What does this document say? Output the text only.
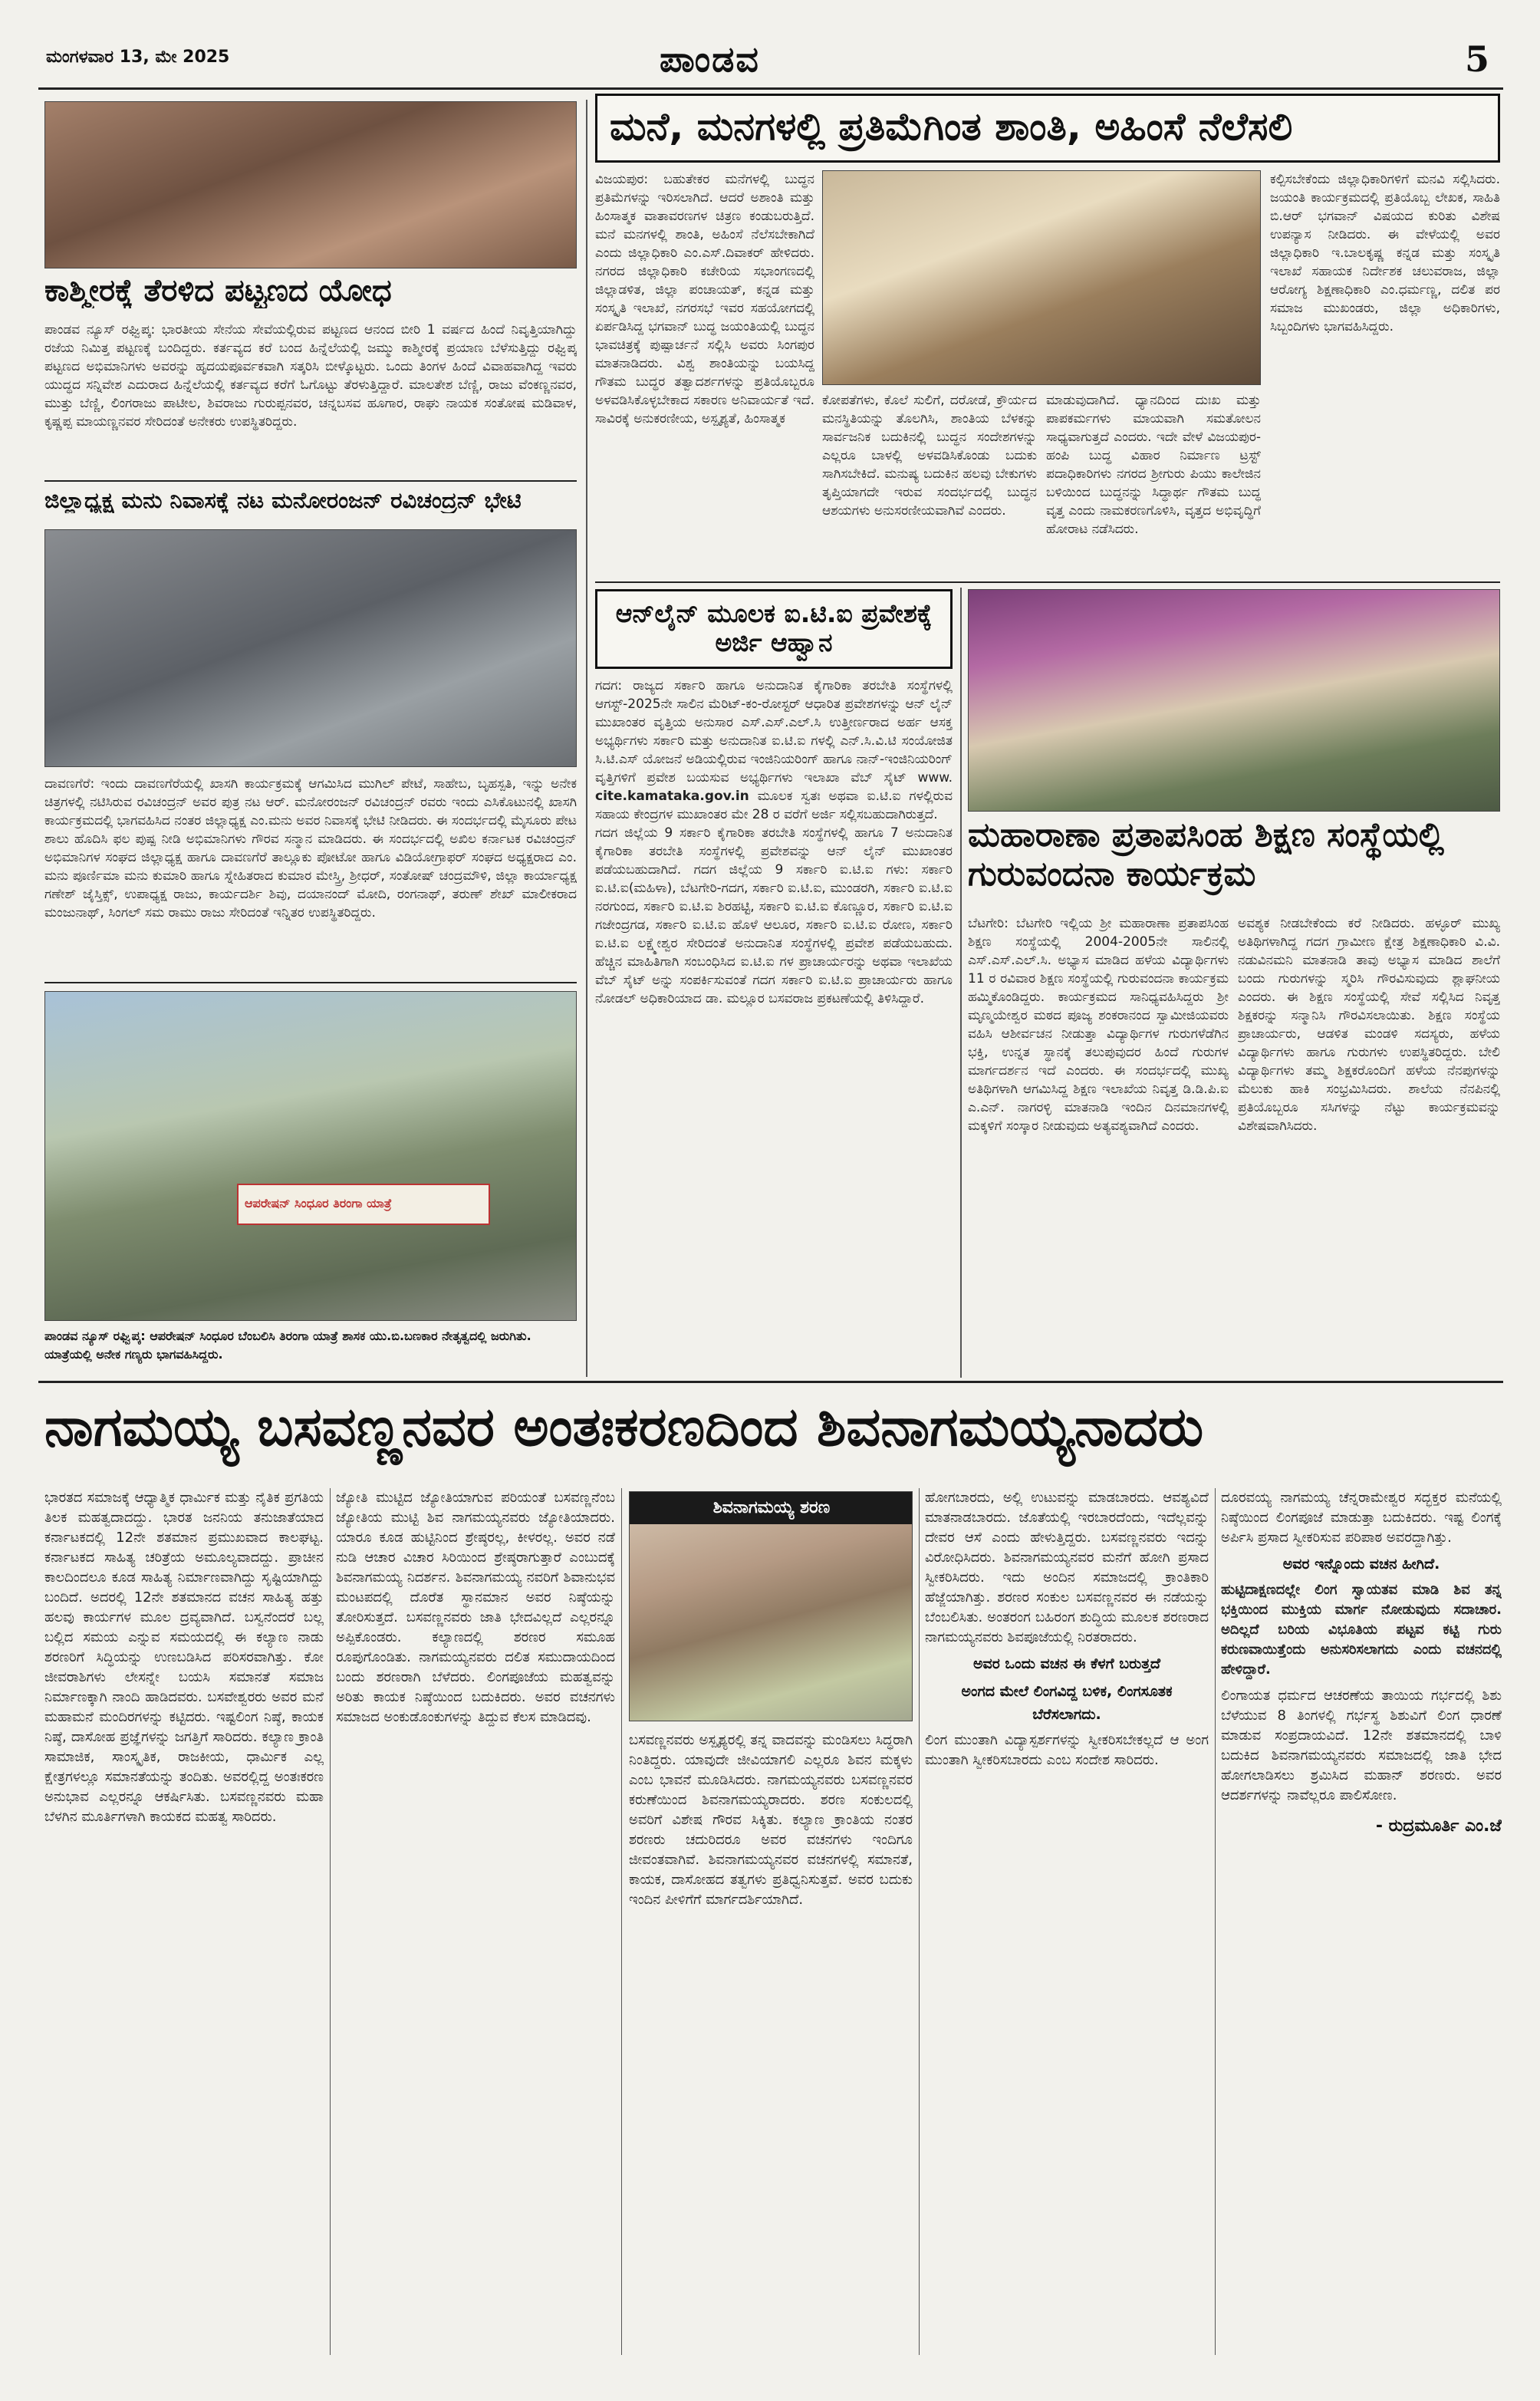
ಮಂಗಳವಾರ 13, ಮೇ 2025	ಪಾಂಡವ	5
ಕಾಶ್ಮೀರಕ್ಕೆ ತೆರಳಿದ ಪಟ್ಟಣದ ಯೋಧ
ಪಾಂಡವ ನ್ಯೂಸ್ ರಘ್ವಿಪ್ಕ: ಭಾರತೀಯ ಸೇನೆಯ ಸೇವೆಯಲ್ಲಿರುವ ಪಟ್ಟಣದ ಆನಂದ ಬೀರಿ 1 ವರ್ಷದ ಹಿಂದೆ ನಿವೃತ್ತಿಯಾಗಿದ್ದು ರಜೆಯ ನಿಮಿತ್ತ ಪಟ್ಟಣಕ್ಕೆ ಬಂದಿದ್ದರು. ಕರ್ತವ್ಯದ ಕರೆ ಬಂದ ಹಿನ್ನೆಲೆಯಲ್ಲಿ ಜಮ್ಮು ಕಾಶ್ಮೀರಕ್ಕೆ ಪ್ರಯಾಣ ಬೆಳೆಸುತ್ತಿದ್ದು ರಘ್ವಿಪ್ಕ ಪಟ್ಟಣದ ಅಭಿಮಾನಿಗಳು ಅವರನ್ನು ಹೃದಯಪೂರ್ವಕವಾಗಿ ಸತ್ಕರಿಸಿ ಬೀಳ್ಕೊಟ್ಟರು. ಒಂದು ತಿಂಗಳ ಹಿಂದೆ ವಿವಾಹವಾಗಿದ್ದ ಇವರು ಯುದ್ಧದ ಸನ್ನಿವೇಶ ಎದುರಾದ ಹಿನ್ನೆಲೆಯಲ್ಲಿ ಕರ್ತವ್ಯದ ಕರೆಗೆ ಓಗೊಟ್ಟು ತೆರಳುತ್ತಿದ್ದಾರೆ. ಮಾಲತೇಶ ಬೆಣ್ಣಿ, ರಾಜು ವೆಂಕಣ್ಣನವರ, ಮುತ್ತು ಬೆಣ್ಣಿ, ಲಿಂಗರಾಜು ಪಾಟೀಲ, ಶಿವರಾಜು ಗುರುಪ್ಪನವರ, ಚನ್ನಬಸವ ಹೂಗಾರ, ರಾಘು ನಾಯಕ ಸಂತೋಷ ಮಡಿವಾಳ, ಕೃಷ್ಣಪ್ಪ ಮಾಯಣ್ಣನವರ ಸೇರಿದಂತೆ ಅನೇಕರು ಉಪಸ್ಥಿತರಿದ್ದರು.
ಜಿಲ್ಲಾಧ್ಯಕ್ಷ ಮನು ನಿವಾಸಕ್ಕೆ ನಟ ಮನೋರಂಜನ್ ರವಿಚಂದ್ರನ್ ಭೇಟಿ
ದಾವಣಗೆರೆ: ಇಂದು ದಾವಣಗೆರೆಯಲ್ಲಿ ಖಾಸಗಿ ಕಾರ್ಯಕ್ರಮಕ್ಕೆ ಆಗಮಿಸಿದ ಮುಗಿಲ್ ಪೇಟೆ, ಸಾಹೇಬ, ಬೃಹಸ್ಪತಿ, ಇನ್ನು ಅನೇಕ ಚಿತ್ರಗಳಲ್ಲಿ ನಟಿಸಿರುವ ರವಿಚಂದ್ರನ್ ಅವರ ಪುತ್ರ ನಟ ಆರ್. ಮನೋರಂಜನ್ ರವಿಚಂದ್ರನ್ ರವರು ಇಂದು ಎಸಿಕೊಟುನಲ್ಲಿ ಖಾಸಗಿ ಕಾರ್ಯಕ್ರಮದಲ್ಲಿ ಭಾಗವಹಿಸಿದ ನಂತರ ಜಿಲ್ಲಾಧ್ಯಕ್ಷ ಎಂ.ಮನು ಅವರ ನಿವಾಸಕ್ಕೆ ಭೇಟಿ ನೀಡಿದರು. ಈ ಸಂದರ್ಭದಲ್ಲಿ ಮೈಸೂರು ಪೇಟ ಶಾಲು ಹೊದಿಸಿ ಫಲ ಪುಷ್ಪ ನೀಡಿ ಅಭಿಮಾನಿಗಳು ಗೌರವ ಸನ್ಮಾನ ಮಾಡಿದರು. ಈ ಸಂದರ್ಭದಲ್ಲಿ ಅಖಿಲ ಕರ್ನಾಟಕ ರವಿಚಂದ್ರನ್ ಅಭಿಮಾನಿಗಳ ಸಂಘದ ಜಿಲ್ಲಾಧ್ಯಕ್ಷ ಹಾಗೂ ದಾವಣಗೆರೆ ತಾಲ್ಲೂಕು ಪೋಟೋ ಹಾಗೂ ವಿಡಿಯೋಗ್ರಾಫರ್ ಸಂಘದ ಅಧ್ಯಕ್ಷರಾದ ಎಂ. ಮನು ಪೂರ್ಣಿಮಾ ಮನು ಕುಮಾರಿ ಹಾಗೂ ಸ್ನೇಹಿತರಾದ ಕುಮಾರ ಮೇಸ್ತ್ರಿ, ಶ್ರೀಧರ್, ಸಂತೋಷ್ ಚಂದ್ರಮೌಳಿ, ಜಿಲ್ಲಾ ಕಾರ್ಯಾಧ್ಯಕ್ಷ ಗಣೇಶ್ ಜೈಸ್ತಿಕ್ಸ್, ಉಪಾಧ್ಯಕ್ಷ ರಾಜು, ಕಾರ್ಯದರ್ಶಿ ಶಿವು, ದಯಾನಂದ್ ಮೋದಿ, ರಂಗನಾಥ್, ತರುಣ್ ಶೇಖ್ ಮಾಲೀಕರಾದ ಮಂಜುನಾಥ್, ಸಿಂಗಲ್ ಸಮ ರಾಮು ರಾಜು ಸೇರಿದಂತೆ ಇನ್ನಿತರ ಉಪಸ್ಥಿತರಿದ್ದರು.
ಆಪರೇಷನ್ ಸಿಂಧೂರ ತಿರಂಗಾ ಯಾತ್ರೆ
ಪಾಂಡವ ನ್ಯೂಸ್ ರಘ್ವಿಪ್ಕ: ಆಪರೇಷನ್ ಸಿಂಧೂರ ಬೆಂಬಲಿಸಿ ತಿರಂಗಾ ಯಾತ್ರೆ ಶಾಸಕ ಯು.ಬಿ.ಬಣಕಾರ ನೇತೃತ್ವದಲ್ಲಿ ಜರುಗಿತು. ಯಾತ್ರೆಯಲ್ಲಿ ಅನೇಕ ಗಣ್ಯರು ಭಾಗವಹಿಸಿದ್ದರು.
ಮನೆ, ಮನಗಳಲ್ಲಿ ಪ್ರತಿಮೆಗಿಂತ ಶಾಂತಿ, ಅಹಿಂಸೆ ನೆಲೆಸಲಿ
ವಿಜಯಪುರ: ಬಹುತೇಕರ ಮನೆಗಳಲ್ಲಿ ಬುದ್ಧನ ಪ್ರತಿಮೆಗಳನ್ನು ಇರಿಸಲಾಗಿದೆ. ಆದರೆ ಅಶಾಂತಿ ಮತ್ತು ಹಿಂಸಾತ್ಮಕ ವಾತಾವರಣಗಳ ಚಿತ್ರಣ ಕಂಡುಬರುತ್ತಿದೆ. ಮನೆ ಮನಗಳಲ್ಲಿ ಶಾಂತಿ, ಅಹಿಂಸೆ ನೆಲೆಸಬೇಕಾಗಿದೆ ಎಂದು ಜಿಲ್ಲಾಧಿಕಾರಿ ಎಂ.ಎಸ್.ದಿವಾಕರ್ ಹೇಳಿದರು. ನಗರದ ಜಿಲ್ಲಾಧಿಕಾರಿ ಕಚೇರಿಯ ಸಭಾಂಗಣದಲ್ಲಿ ಜಿಲ್ಲಾಡಳಿತ, ಜಿಲ್ಲಾ ಪಂಚಾಯತ್, ಕನ್ನಡ ಮತ್ತು ಸಂಸ್ಕೃತಿ ಇಲಾಖೆ, ನಗರಸಭೆ ಇವರ ಸಹಯೋಗದಲ್ಲಿ ಏರ್ಪಡಿಸಿದ್ದ ಭಗವಾನ್ ಬುದ್ಧ ಜಯಂತಿಯಲ್ಲಿ ಬುದ್ಧನ ಭಾವಚಿತ್ರಕ್ಕೆ ಪುಷ್ಪಾರ್ಚನೆ ಸಲ್ಲಿಸಿ ಅವರು ಸಿಂಗಪುರ ಮಾತನಾಡಿದರು. ವಿಶ್ವ ಶಾಂತಿಯನ್ನು ಬಯಸಿದ್ದ ಗೌತಮ ಬುದ್ಧರ ತತ್ವಾದರ್ಶಗಳನ್ನು ಪ್ರತಿಯೊಬ್ಬರೂ ಅಳವಡಿಸಿಕೊಳ್ಳಬೇಕಾದ ಸಕಾರಣ ಅನಿವಾರ್ಯತೆ ಇದೆ. ಸಾವಿರಕ್ಕೆ ಅನುಕರಣೀಯ, ಅಸ್ಪೃಶ್ಯತೆ, ಹಿಂಸಾತ್ಮಕ
ಕೋಪತೆಗಳು, ಕೊಲೆ ಸುಲಿಗೆ, ದರೋಡೆ, ಕ್ರೌರ್ಯದ ಮನಸ್ಥಿತಿಯನ್ನು ತೊಲಗಿಸಿ, ಶಾಂತಿಯ ಬೆಳಕನ್ನು ಸಾರ್ವಜನಿಕ ಬದುಕಿನಲ್ಲಿ ಬುದ್ಧನ ಸಂದೇಶಗಳನ್ನು ಎಲ್ಲರೂ ಬಾಳಲ್ಲಿ ಅಳವಡಿಸಿಕೊಂಡು ಬದುಕು ಸಾಗಿಸಬೇಕಿದೆ. ಮನುಷ್ಯ ಬದುಕಿನ ಹಲವು ಬೇಕುಗಳು ತೃಪ್ತಿಯಾಗದೇ ಇರುವ ಸಂದರ್ಭದಲ್ಲಿ ಬುದ್ಧನ ಆಶಯಗಳು ಅನುಸರಣೀಯವಾಗಿವೆ ಎಂದರು.
ಮಾಡುವುದಾಗಿದೆ. ಧ್ಯಾನದಿಂದ ದುಃಖ ಮತ್ತು ಪಾಪಕರ್ಮಗಳು ಮಾಯವಾಗಿ ಸಮತೋಲನ ಸಾಧ್ಯವಾಗುತ್ತದೆ ಎಂದರು. ಇದೇ ವೇಳೆ ವಿಜಯಪುರ-ಹಂಪಿ ಬುದ್ಧ ವಿಹಾರ ನಿರ್ಮಾಣ ಟ್ರಸ್ಟ್ ಪದಾಧಿಕಾರಿಗಳು ನಗರದ ಶ್ರೀಗುರು ಪಿಯು ಕಾಲೇಜಿನ ಬಳಿಯಿಂದ ಬುದ್ಧನನ್ನು ಸಿದ್ಧಾರ್ಥ ಗೌತಮ ಬುದ್ಧ ವೃತ್ತ ಎಂದು ನಾಮಕರಣಗೊಳಿಸಿ, ವೃತ್ತದ ಅಭಿವೃದ್ಧಿಗೆ ಹೋರಾಟ ನಡೆಸಿದರು.
ಕಲ್ಪಿಸಬೇಕೆಂದು ಜಿಲ್ಲಾಧಿಕಾರಿಗಳಿಗೆ ಮನವಿ ಸಲ್ಲಿಸಿದರು. ಜಯಂತಿ ಕಾರ್ಯಕ್ರಮದಲ್ಲಿ ಪ್ರತಿಯೊಬ್ಬ ಲೇಖಕ, ಸಾಹಿತಿ ಬಿ.ಆರ್ ಭಗವಾನ್ ವಿಷಯದ ಕುರಿತು ವಿಶೇಷ ಉಪನ್ಯಾಸ ನೀಡಿದರು. ಈ ವೇಳೆಯಲ್ಲಿ ಅವರ ಜಿಲ್ಲಾಧಿಕಾರಿ ಇ.ಬಾಲಕೃಷ್ಣ ಕನ್ನಡ ಮತ್ತು ಸಂಸ್ಕೃತಿ ಇಲಾಖೆ ಸಹಾಯಕ ನಿರ್ದೇಶಕ ಚಲುವರಾಜ, ಜಿಲ್ಲಾ ಆರೋಗ್ಯ ಶಿಕ್ಷಣಾಧಿಕಾರಿ ಎಂ.ಧರ್ಮಣ್ಣ, ದಲಿತ ಪರ ಸಮಾಜ ಮುಖಂಡರು, ಜಿಲ್ಲಾ ಅಧಿಕಾರಿಗಳು, ಸಿಬ್ಬಂದಿಗಳು ಭಾಗವಹಿಸಿದ್ದರು.
ಆನ್‌ಲೈನ್ ಮೂಲಕ ಐ.ಟಿ.ಐ ಪ್ರವೇಶಕ್ಕೆ ಅರ್ಜಿ ಆಹ್ವಾನ
ಗದಗ: ರಾಜ್ಯದ ಸರ್ಕಾರಿ ಹಾಗೂ ಅನುದಾನಿತ ಕೈಗಾರಿಕಾ ತರಬೇತಿ ಸಂಸ್ಥೆಗಳಲ್ಲಿ ಆಗಸ್ಟ್-2025ನೇ ಸಾಲಿನ ಮೆರಿಟ್-ಕಂ-ರೋಸ್ಟರ್ ಆಧಾರಿತ ಪ್ರವೇಶಗಳನ್ನು ಆನ್ ಲೈನ್ ಮುಖಾಂತರ ವೃತ್ತಿಯ ಅನುಸಾರ ಎಸ್.ಎಸ್.ಎಲ್.ಸಿ ಉತ್ತೀರ್ಣರಾದ ಅರ್ಹ ಆಸಕ್ತ ಅಭ್ಯರ್ಥಿಗಳು ಸರ್ಕಾರಿ ಮತ್ತು ಅನುದಾನಿತ ಐ.ಟಿ.ಐ ಗಳಲ್ಲಿ ಎನ್.ಸಿ.ವಿ.ಟಿ ಸಂಯೋಜಿತ ಸಿ.ಟಿ.ಎಸ್ ಯೋಜನೆ ಅಡಿಯಲ್ಲಿರುವ ಇಂಜಿನಿಯರಿಂಗ್ ಹಾಗೂ ನಾನ್-ಇಂಜಿನಿಯರಿಂಗ್ ವೃತ್ತಿಗಳಿಗೆ ಪ್ರವೇಶ ಬಯಸುವ ಅಭ್ಯರ್ಥಿಗಳು ಇಲಾಖಾ ವೆಬ್ ಸೈಟ್ www. cite.kamataka.gov.in ಮೂಲಕ ಸ್ವತಃ ಅಥವಾ ಐ.ಟಿ.ಐ ಗಳಲ್ಲಿರುವ ಸಹಾಯ ಕೇಂದ್ರಗಳ ಮುಖಾಂತರ ಮೇ 28 ರ ವರೆಗೆ ಅರ್ಜಿ ಸಲ್ಲಿಸಬಹುದಾಗಿರುತ್ತದೆ.
ಗದಗ ಜಿಲ್ಲೆಯ 9 ಸರ್ಕಾರಿ ಕೈಗಾರಿಕಾ ತರಬೇತಿ ಸಂಸ್ಥೆಗಳಲ್ಲಿ ಹಾಗೂ 7 ಅನುದಾನಿತ ಕೈಗಾರಿಕಾ ತರಬೇತಿ ಸಂಸ್ಥೆಗಳಲ್ಲಿ ಪ್ರವೇಶವನ್ನು ಆನ್ ಲೈನ್ ಮುಖಾಂತರ ಪಡೆಯಬಹುದಾಗಿದೆ. ಗದಗ ಜಿಲ್ಲೆಯ 9 ಸರ್ಕಾರಿ ಐ.ಟಿ.ಐ ಗಳು: ಸರ್ಕಾರಿ ಐ.ಟಿ.ಐ(ಮಹಿಳಾ), ಬೆಟಗೇರಿ-ಗದಗ, ಸರ್ಕಾರಿ ಐ.ಟಿ.ಐ, ಮುಂಡರಗಿ, ಸರ್ಕಾರಿ ಐ.ಟಿ.ಐ ನರಗುಂದ, ಸರ್ಕಾರಿ ಐ.ಟಿ.ಐ ಶಿರಹಟ್ಟಿ, ಸರ್ಕಾರಿ ಐ.ಟಿ.ಐ ಕೊಣ್ಣೂರ, ಸರ್ಕಾರಿ ಐ.ಟಿ.ಐ ಗಜೇಂದ್ರಗಡ, ಸರ್ಕಾರಿ ಐ.ಟಿ.ಐ ಹೊಳೆ ಆಲೂರ, ಸರ್ಕಾರಿ ಐ.ಟಿ.ಐ ರೋಣ, ಸರ್ಕಾರಿ ಐ.ಟಿ.ಐ ಲಕ್ಷ್ಮೇಶ್ವರ ಸೇರಿದಂತೆ ಅನುದಾನಿತ ಸಂಸ್ಥೆಗಳಲ್ಲಿ ಪ್ರವೇಶ ಪಡೆಯಬಹುದು. ಹೆಚ್ಚಿನ ಮಾಹಿತಿಗಾಗಿ ಸಂಬಂಧಿಸಿದ ಐ.ಟಿ.ಐ ಗಳ ಪ್ರಾಚಾರ್ಯರನ್ನು ಅಥವಾ ಇಲಾಖೆಯ ವೆಬ್ ಸೈಟ್ ಅನ್ನು ಸಂಪರ್ಕಿಸುವಂತೆ ಗದಗ ಸರ್ಕಾರಿ ಐ.ಟಿ.ಐ ಪ್ರಾಚಾರ್ಯರು ಹಾಗೂ ನೋಡಲ್ ಅಧಿಕಾರಿಯಾದ ಡಾ. ಮಲ್ಲೂರ ಬಸವರಾಜ ಪ್ರಕಟಣೆಯಲ್ಲಿ ತಿಳಿಸಿದ್ದಾರೆ.
ಮಹಾರಾಣಾ ಪ್ರತಾಪಸಿಂಹ ಶಿಕ್ಷಣ ಸಂಸ್ಥೆಯಲ್ಲಿ ಗುರುವಂದನಾ ಕಾರ್ಯಕ್ರಮ
ಬೆಟಗೇರಿ: ಬೆಟಗೇರಿ ಇಲ್ಲಿಯ ಶ್ರೀ ಮಹಾರಾಣಾ ಪ್ರತಾಪಸಿಂಹ ಶಿಕ್ಷಣ ಸಂಸ್ಥೆಯಲ್ಲಿ 2004-2005ನೇ ಸಾಲಿನಲ್ಲಿ ಎಸ್.ಎಸ್.ಎಲ್.ಸಿ. ಅಭ್ಯಾಸ ಮಾಡಿದ ಹಳೆಯ ವಿದ್ಯಾರ್ಥಿಗಳು 11 ರ ರವಿವಾರ ಶಿಕ್ಷಣ ಸಂಸ್ಥೆಯಲ್ಲಿ ಗುರುವಂದನಾ ಕಾರ್ಯಕ್ರಮ ಹಮ್ಮಿಕೊಂಡಿದ್ದರು. ಕಾರ್ಯಕ್ರಮದ ಸಾನಿಧ್ಯವಹಿಸಿದ್ದರು ಶ್ರೀ ಮೃಣ್ಮಯೇಶ್ವರ ಮಠದ ಪೂಜ್ಯ ಶಂಕರಾನಂದ ಸ್ವಾಮೀಜಿಯವರು ವಹಿಸಿ ಆಶೀರ್ವಚನ ನೀಡುತ್ತಾ ವಿದ್ಯಾರ್ಥಿಗಳ ಗುರುಗಳೆಡೆಗಿನ ಭಕ್ತಿ, ಉನ್ನತ ಸ್ಥಾನಕ್ಕೆ ತಲುಪುವುದರ ಹಿಂದೆ ಗುರುಗಳ ಮಾರ್ಗದರ್ಶನ ಇದೆ ಎಂದರು. ಈ ಸಂದರ್ಭದಲ್ಲಿ ಮುಖ್ಯ ಅತಿಥಿಗಳಾಗಿ ಆಗಮಿಸಿದ್ದ ಶಿಕ್ಷಣ ಇಲಾಖೆಯ ನಿವೃತ್ತ ಡಿ.ಡಿ.ಪಿ.ಐ ಎ.ಎನ್. ನಾಗರಳ್ಳಿ ಮಾತನಾಡಿ ಇಂದಿನ ದಿನಮಾನಗಳಲ್ಲಿ ಮಕ್ಕಳಿಗೆ ಸಂಸ್ಕಾರ ನೀಡುವುದು ಅತ್ಯವಶ್ಯವಾಗಿದೆ ಎಂದರು.
ಅವಶ್ಯಕ ನೀಡಬೇಕೆಂದು ಕರೆ ನೀಡಿದರು. ಹಳ್ಳೂರ್ ಮುಖ್ಯ ಅತಿಥಿಗಳಾಗಿದ್ದ ಗದಗ ಗ್ರಾಮೀಣ ಕ್ಷೇತ್ರ ಶಿಕ್ಷಣಾಧಿಕಾರಿ ವಿ.ವಿ. ನಡುವಿನಮನಿ ಮಾತನಾಡಿ ತಾವು ಅಭ್ಯಾಸ ಮಾಡಿದ ಶಾಲೆಗೆ ಬಂದು ಗುರುಗಳನ್ನು ಸ್ಮರಿಸಿ ಗೌರವಿಸುವುದು ಶ್ಲಾಘನೀಯ ಎಂದರು. ಈ ಶಿಕ್ಷಣ ಸಂಸ್ಥೆಯಲ್ಲಿ ಸೇವೆ ಸಲ್ಲಿಸಿದ ನಿವೃತ್ತ ಶಿಕ್ಷಕರನ್ನು ಸನ್ಮಾನಿಸಿ ಗೌರವಿಸಲಾಯಿತು. ಶಿಕ್ಷಣ ಸಂಸ್ಥೆಯ ಪ್ರಾಚಾರ್ಯರು, ಆಡಳಿತ ಮಂಡಳಿ ಸದಸ್ಯರು, ಹಳೆಯ ವಿದ್ಯಾರ್ಥಿಗಳು ಹಾಗೂ ಗುರುಗಳು ಉಪಸ್ಥಿತರಿದ್ದರು. ಬೇಲಿ ವಿದ್ಯಾರ್ಥಿಗಳು ತಮ್ಮ ಶಿಕ್ಷಕರೊಂದಿಗೆ ಹಳೆಯ ನೆನಪುಗಳನ್ನು ಮೆಲುಕು ಹಾಕಿ ಸಂಭ್ರಮಿಸಿದರು. ಶಾಲೆಯ ನೆನಪಿನಲ್ಲಿ ಪ್ರತಿಯೊಬ್ಬರೂ ಸಸಿಗಳನ್ನು ನೆಟ್ಟು ಕಾರ್ಯಕ್ರಮವನ್ನು ವಿಶೇಷವಾಗಿಸಿದರು.
ನಾಗಮಯ್ಯ ಬಸವಣ್ಣನವರ ಅಂತಃಕರಣದಿಂದ ಶಿವನಾಗಮಯ್ಯನಾದರು
ಭಾರತದ ಸಮಾಜಕ್ಕೆ ಆಧ್ಯಾತ್ಮಿಕ ಧಾರ್ಮಿಕ ಮತ್ತು ನೈತಿಕ ಪ್ರಗತಿಯ ತಿಲಕ ಮಹತ್ವದಾದದ್ದು. ಭಾರತ ಜನನಿಯ ತನುಜಾತೆಯಾದ ಕರ್ನಾಟಕದಲ್ಲಿ 12ನೇ ಶತಮಾನ ಪ್ರಮುಖವಾದ ಕಾಲಘಟ್ಟ. ಕರ್ನಾಟಕದ ಸಾಹಿತ್ಯ ಚರಿತ್ರೆಯ ಅಮೂಲ್ಯವಾದದ್ದು. ಪ್ರಾಚೀನ ಕಾಲದಿಂದಲೂ ಕೂಡ ಸಾಹಿತ್ಯ ನಿರ್ಮಾಣವಾಗಿದ್ದು ಸೃಷ್ಟಿಯಾಗಿದ್ದು ಬಂದಿದೆ. ಅದರಲ್ಲಿ 12ನೇ ಶತಮಾನದ ವಚನ ಸಾಹಿತ್ಯ ಹತ್ತು ಹಲವು ಕಾರ್ಯಗಳ ಮೂಲ ದ್ರವ್ಯವಾಗಿದೆ. ಬಸ್ವನೆಂದರೆ ಬಲ್ಲ ಬಲ್ಲಿದ ಸಮಯ ಎನ್ನುವ ಸಮಯದಲ್ಲಿ ಈ ಕಲ್ಯಾಣ ನಾಡು ಶರಣರಿಗೆ ಸಿದ್ಧಿಯನ್ನು ಉಣಬಡಿಸಿದ ಪರಿಸರವಾಗಿತ್ತು. ಕೋ ಜೀವರಾಶಿಗಳು ಲೇಸನ್ನೇ ಬಯಸಿ ಸಮಾನತೆ ಸಮಾಜ ನಿರ್ಮಾಣಕ್ಕಾಗಿ ನಾಂದಿ ಹಾಡಿದವರು. ಬಸವೇಶ್ವರರು ಅವರ ಮನೆ ಮಹಾಮನೆ ಮಂದಿರಗಳನ್ನು ಕಟ್ಟಿದರು. ಇಷ್ಟಲಿಂಗ ನಿಷ್ಠೆ, ಕಾಯಕ ನಿಷ್ಠೆ, ದಾಸೋಹ ಪ್ರಜ್ಞೆಗಳನ್ನು ಜಗತ್ತಿಗೆ ಸಾರಿದರು. ಕಲ್ಯಾಣ ಕ್ರಾಂತಿ ಸಾಮಾಜಿಕ, ಸಾಂಸ್ಕೃತಿಕ, ರಾಜಕೀಯ, ಧಾರ್ಮಿಕ ಎಲ್ಲ ಕ್ಷೇತ್ರಗಳಲ್ಲೂ ಸಮಾನತೆಯನ್ನು ತಂದಿತು. ಅವರಲ್ಲಿದ್ದ ಅಂತಃಕರಣ ಅನುಭಾವ ಎಲ್ಲರನ್ನೂ ಆಕರ್ಷಿಸಿತು. ಬಸವಣ್ಣನವರು ಮಹಾ ಬೆಳಗಿನ ಮೂರ್ತಿಗಳಾಗಿ ಕಾಯಕದ ಮಹತ್ವ ಸಾರಿದರು.
ಜ್ಯೋತಿ ಮುಟ್ಟಿದ ಜ್ಯೋತಿಯಾಗುವ ಪರಿಯಂತೆ ಬಸವಣ್ಣನೆಂಬ ಜ್ಯೋತಿಯ ಮುಟ್ಟಿ ಶಿವ ನಾಗಮಯ್ಯನವರು ಜ್ಯೋತಿಯಾದರು. ಯಾರೂ ಕೂಡ ಹುಟ್ಟಿನಿಂದ ಶ್ರೇಷ್ಠರಲ್ಲ, ಕೀಳರಲ್ಲ. ಅವರ ನಡೆ ನುಡಿ ಆಚಾರ ವಿಚಾರ ಸಿರಿಯಿಂದ ಶ್ರೇಷ್ಠರಾಗುತ್ತಾರೆ ಎಂಬುದಕ್ಕೆ ಶಿವನಾಗಮಯ್ಯ ನಿದರ್ಶನ. ಶಿವನಾಗಮಯ್ಯ ನವರಿಗೆ ಶಿವಾನುಭವ ಮಂಟಪದಲ್ಲಿ ದೊರೆತ ಸ್ಥಾನಮಾನ ಅವರ ನಿಷ್ಠೆಯನ್ನು ತೋರಿಸುತ್ತದೆ. ಬಸವಣ್ಣನವರು ಜಾತಿ ಭೇದವಿಲ್ಲದೆ ಎಲ್ಲರನ್ನೂ ಅಪ್ಪಿಕೊಂಡರು. ಕಲ್ಯಾಣದಲ್ಲಿ ಶರಣರ ಸಮೂಹ ರೂಪುಗೊಂಡಿತು. ನಾಗಮಯ್ಯನವರು ದಲಿತ ಸಮುದಾಯದಿಂದ ಬಂದು ಶರಣರಾಗಿ ಬೆಳೆದರು. ಲಿಂಗಪೂಜೆಯ ಮಹತ್ವವನ್ನು ಅರಿತು ಕಾಯಕ ನಿಷ್ಠೆಯಿಂದ ಬದುಕಿದರು. ಅವರ ವಚನಗಳು ಸಮಾಜದ ಅಂಕುಡೊಂಕುಗಳನ್ನು ತಿದ್ದುವ ಕೆಲಸ ಮಾಡಿದವು.
ಶಿವನಾಗಮಯ್ಯ ಶರಣ
ಬಸವಣ್ಣನವರು ಅಸ್ಪೃಶ್ಯರಲ್ಲಿ ತನ್ನ ವಾದವನ್ನು ಮಂಡಿಸಲು ಸಿದ್ಧರಾಗಿ ನಿಂತಿದ್ದರು. ಯಾವುದೇ ಜೀವಿಯಾಗಲಿ ಎಲ್ಲರೂ ಶಿವನ ಮಕ್ಕಳು ಎಂಬ ಭಾವನೆ ಮೂಡಿಸಿದರು. ನಾಗಮಯ್ಯನವರು ಬಸವಣ್ಣನವರ ಕರುಣೆಯಿಂದ ಶಿವನಾಗಮಯ್ಯರಾದರು. ಶರಣ ಸಂಕುಲದಲ್ಲಿ ಅವರಿಗೆ ವಿಶೇಷ ಗೌರವ ಸಿಕ್ಕಿತು. ಕಲ್ಯಾಣ ಕ್ರಾಂತಿಯ ನಂತರ ಶರಣರು ಚದುರಿದರೂ ಅವರ ವಚನಗಳು ಇಂದಿಗೂ ಜೀವಂತವಾಗಿವೆ. ಶಿವನಾಗಮಯ್ಯನವರ ವಚನಗಳಲ್ಲಿ ಸಮಾನತೆ, ಕಾಯಕ, ದಾಸೋಹದ ತತ್ವಗಳು ಪ್ರತಿಧ್ವನಿಸುತ್ತವೆ. ಅವರ ಬದುಕು ಇಂದಿನ ಪೀಳಿಗೆಗೆ ಮಾರ್ಗದರ್ಶಿಯಾಗಿದೆ.
ಹೋಗಬಾರದು, ಅಲ್ಲಿ ಉಟುವನ್ನು ಮಾಡಬಾರದು. ಆವಶ್ಯವಿದೆ ಮಾತನಾಡಬಾರದು. ಜೊತೆಯಲ್ಲಿ ಇರಬಾರದೆಂದು, ಇದೆಲ್ಲವನ್ನು ದೇವರ ಆಸೆ ಎಂದು ಹೇಳುತ್ತಿದ್ದರು. ಬಸವಣ್ಣನವರು ಇದನ್ನು ವಿರೋಧಿಸಿದರು. ಶಿವನಾಗಮಯ್ಯನವರ ಮನೆಗೆ ಹೋಗಿ ಪ್ರಸಾದ ಸ್ವೀಕರಿಸಿದರು. ಇದು ಅಂದಿನ ಸಮಾಜದಲ್ಲಿ ಕ್ರಾಂತಿಕಾರಿ ಹೆಜ್ಜೆಯಾಗಿತ್ತು. ಶರಣರ ಸಂಕುಲ ಬಸವಣ್ಣನವರ ಈ ನಡೆಯನ್ನು ಬೆಂಬಲಿಸಿತು. ಅಂತರಂಗ ಬಹಿರಂಗ ಶುದ್ಧಿಯ ಮೂಲಕ ಶರಣರಾದ ನಾಗಮಯ್ಯನವರು ಶಿವಪೂಜೆಯಲ್ಲಿ ನಿರತರಾದರು.
ಅವರ ಒಂದು ವಚನ ಈ ಕೆಳಗೆ ಬರುತ್ತದೆ
ಅಂಗದ ಮೇಲೆ ಲಿಂಗವಿದ್ದ ಬಳಿಕ, ಲಿಂಗಸೂತಕ ಬೆರೆಸಲಾಗದು.
ಲಿಂಗ ಮುಂತಾಗಿ ವಿದ್ಯಾಸ್ಪರ್ಶಗಳನ್ನು ಸ್ವೀಕರಿಸಬೇಕಲ್ಲದೆ ಆ ಅಂಗ ಮುಂತಾಗಿ ಸ್ವೀಕರಿಸಬಾರದು ಎಂಬ ಸಂದೇಶ ಸಾರಿದರು.
ದೂರವಯ್ಯ ನಾಗಮಯ್ಯ ಚೆನ್ನರಾಮೇಶ್ವರ ಸದ್ಭಕ್ತರ ಮನೆಯಲ್ಲಿ ನಿಷ್ಠೆಯಿಂದ ಲಿಂಗಪೂಜೆ ಮಾಡುತ್ತಾ ಬದುಕಿದರು. ಇಷ್ಟ ಲಿಂಗಕ್ಕೆ ಅರ್ಪಿಸಿ ಪ್ರಸಾದ ಸ್ವೀಕರಿಸುವ ಪರಿಪಾಠ ಅವರದ್ದಾಗಿತ್ತು.
ಅವರ ಇನ್ನೊಂದು ವಚನ ಹೀಗಿದೆ.
ಹುಟ್ಟಿದಾಕ್ಷಣದಲ್ಲೇ ಲಿಂಗ ಸ್ವಾಯತವ ಮಾಡಿ ಶಿವ ತನ್ನ ಭಕ್ತಿಯಿಂದ ಮುಕ್ತಿಯ ಮಾರ್ಗ ನೋಡುವುದು ಸದಾಚಾರ. ಅದಿಲ್ಲದೆ ಬರಿಯ ವಿಭೂತಿಯ ಪಟ್ಟವ ಕಟ್ಟಿ ಗುರು ಕರುಣವಾಯಿತ್ತೆಂದು ಅನುಸರಿಸಲಾಗದು ಎಂದು ವಚನದಲ್ಲಿ ಹೇಳಿದ್ದಾರೆ.
ಲಿಂಗಾಯತ ಧರ್ಮದ ಆಚರಣೆಯ ತಾಯಿಯ ಗರ್ಭದಲ್ಲಿ ಶಿಶು ಬೆಳೆಯುವ 8 ತಿಂಗಳಲ್ಲಿ ಗರ್ಭಸ್ಥ ಶಿಶುವಿಗೆ ಲಿಂಗ ಧಾರಣೆ ಮಾಡುವ ಸಂಪ್ರದಾಯವಿದೆ. 12ನೇ ಶತಮಾನದಲ್ಲಿ ಬಾಳಿ ಬದುಕಿದ ಶಿವನಾಗಮಯ್ಯನವರು ಸಮಾಜದಲ್ಲಿ ಜಾತಿ ಭೇದ ಹೋಗಲಾಡಿಸಲು ಶ್ರಮಿಸಿದ ಮಹಾನ್ ಶರಣರು. ಅವರ ಆದರ್ಶಗಳನ್ನು ನಾವೆಲ್ಲರೂ ಪಾಲಿಸೋಣ.
- ರುದ್ರಮೂರ್ತಿ ಎಂ.ಜೆ
